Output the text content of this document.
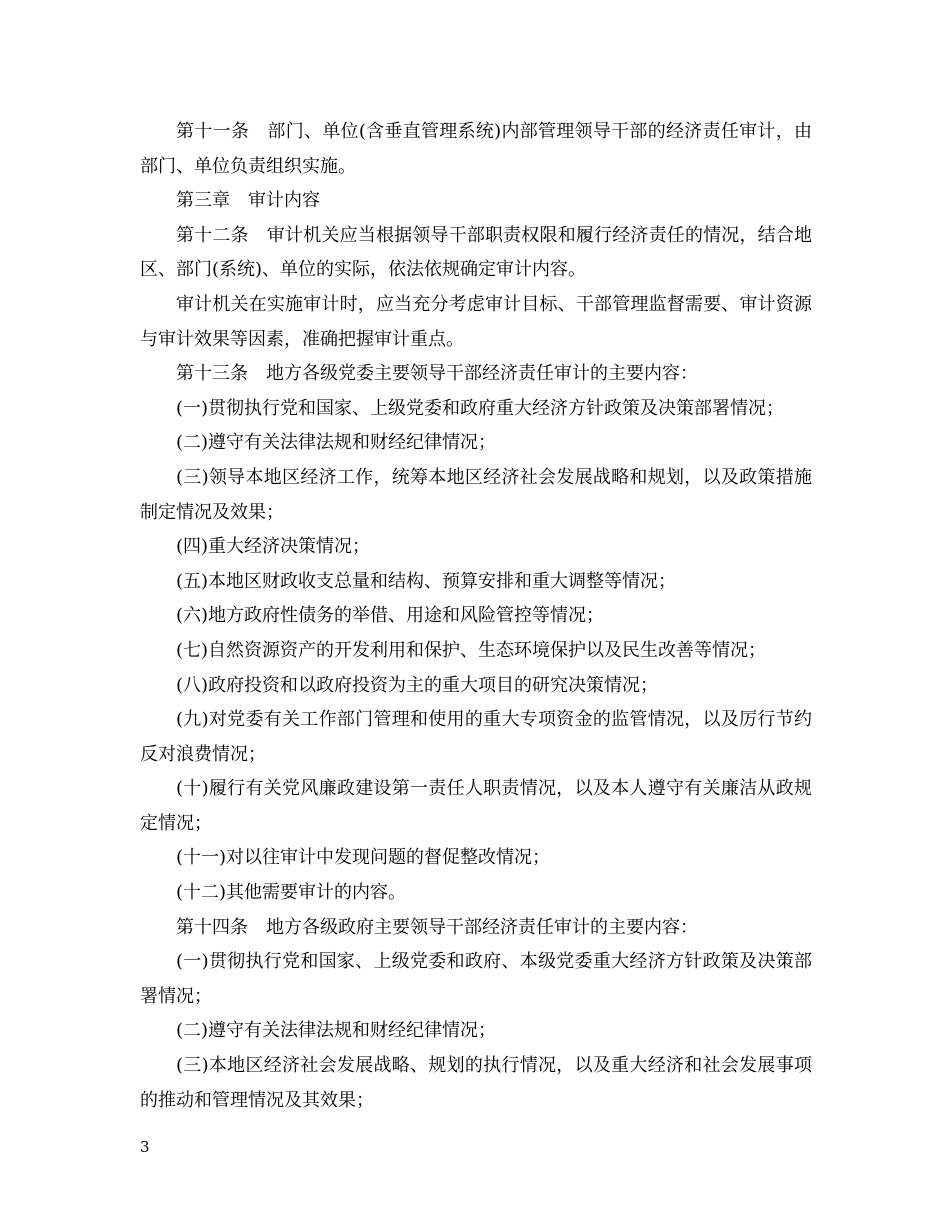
第十一条　部门、单位(含垂直管理系统)内部管理领导干部的经济责任审计，由部门、单位负责组织实施。

第三章　审计内容

第十二条　审计机关应当根据领导干部职责权限和履行经济责任的情况，结合地区、部门(系统)、单位的实际，依法依规确定审计内容。

审计机关在实施审计时，应当充分考虑审计目标、干部管理监督需要、审计资源与审计效果等因素，准确把握审计重点。

第十三条　地方各级党委主要领导干部经济责任审计的主要内容：

(一)贯彻执行党和国家、上级党委和政府重大经济方针政策及决策部署情况；

(二)遵守有关法律法规和财经纪律情况；

(三)领导本地区经济工作，统筹本地区经济社会发展战略和规划，以及政策措施制定情况及效果；

(四)重大经济决策情况；

(五)本地区财政收支总量和结构、预算安排和重大调整等情况；

(六)地方政府性债务的举借、用途和风险管控等情况；

(七)自然资源资产的开发利用和保护、生态环境保护以及民生改善等情况；

(八)政府投资和以政府投资为主的重大项目的研究决策情况；

(九)对党委有关工作部门管理和使用的重大专项资金的监管情况，以及厉行节约反对浪费情况；

(十)履行有关党风廉政建设第一责任人职责情况，以及本人遵守有关廉洁从政规定情况；

(十一)对以往审计中发现问题的督促整改情况；

(十二)其他需要审计的内容。

第十四条　地方各级政府主要领导干部经济责任审计的主要内容：

(一)贯彻执行党和国家、上级党委和政府、本级党委重大经济方针政策及决策部署情况；

(二)遵守有关法律法规和财经纪律情况；

(三)本地区经济社会发展战略、规划的执行情况，以及重大经济和社会发展事项的推动和管理情况及其效果；

3
